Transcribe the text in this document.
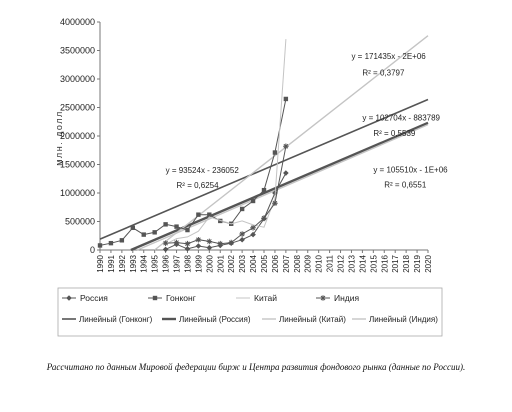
0
500000
1000000
1500000
2000000
2500000
3000000
3500000
4000000
1990 1991 1992 1993 1994 1995 1996 1997 1998 1999 2000 2001 2002 2003 2004 2005 2006 2007 2008 2009 2010 2011 2012 2013 2014 2015 2016 2017 2018 2019 2020
млн. долл.
y = 171435x - 2E+06
R² = 0,3797
y = 102704x - 883789
R² = 0,5539
y = 93524x - 236052
R² = 0,6254
y = 105510x - 1E+06
R² = 0,6551
Россия	Гонконг	Китай	Индия
Линейный (Гонконг)	Линейный (Россия)	Линейный (Китай)	Линейный (Индия)
Рассчитано по данным Мировой федерации бирж и Центра развития фондового рынка (данные по России).
